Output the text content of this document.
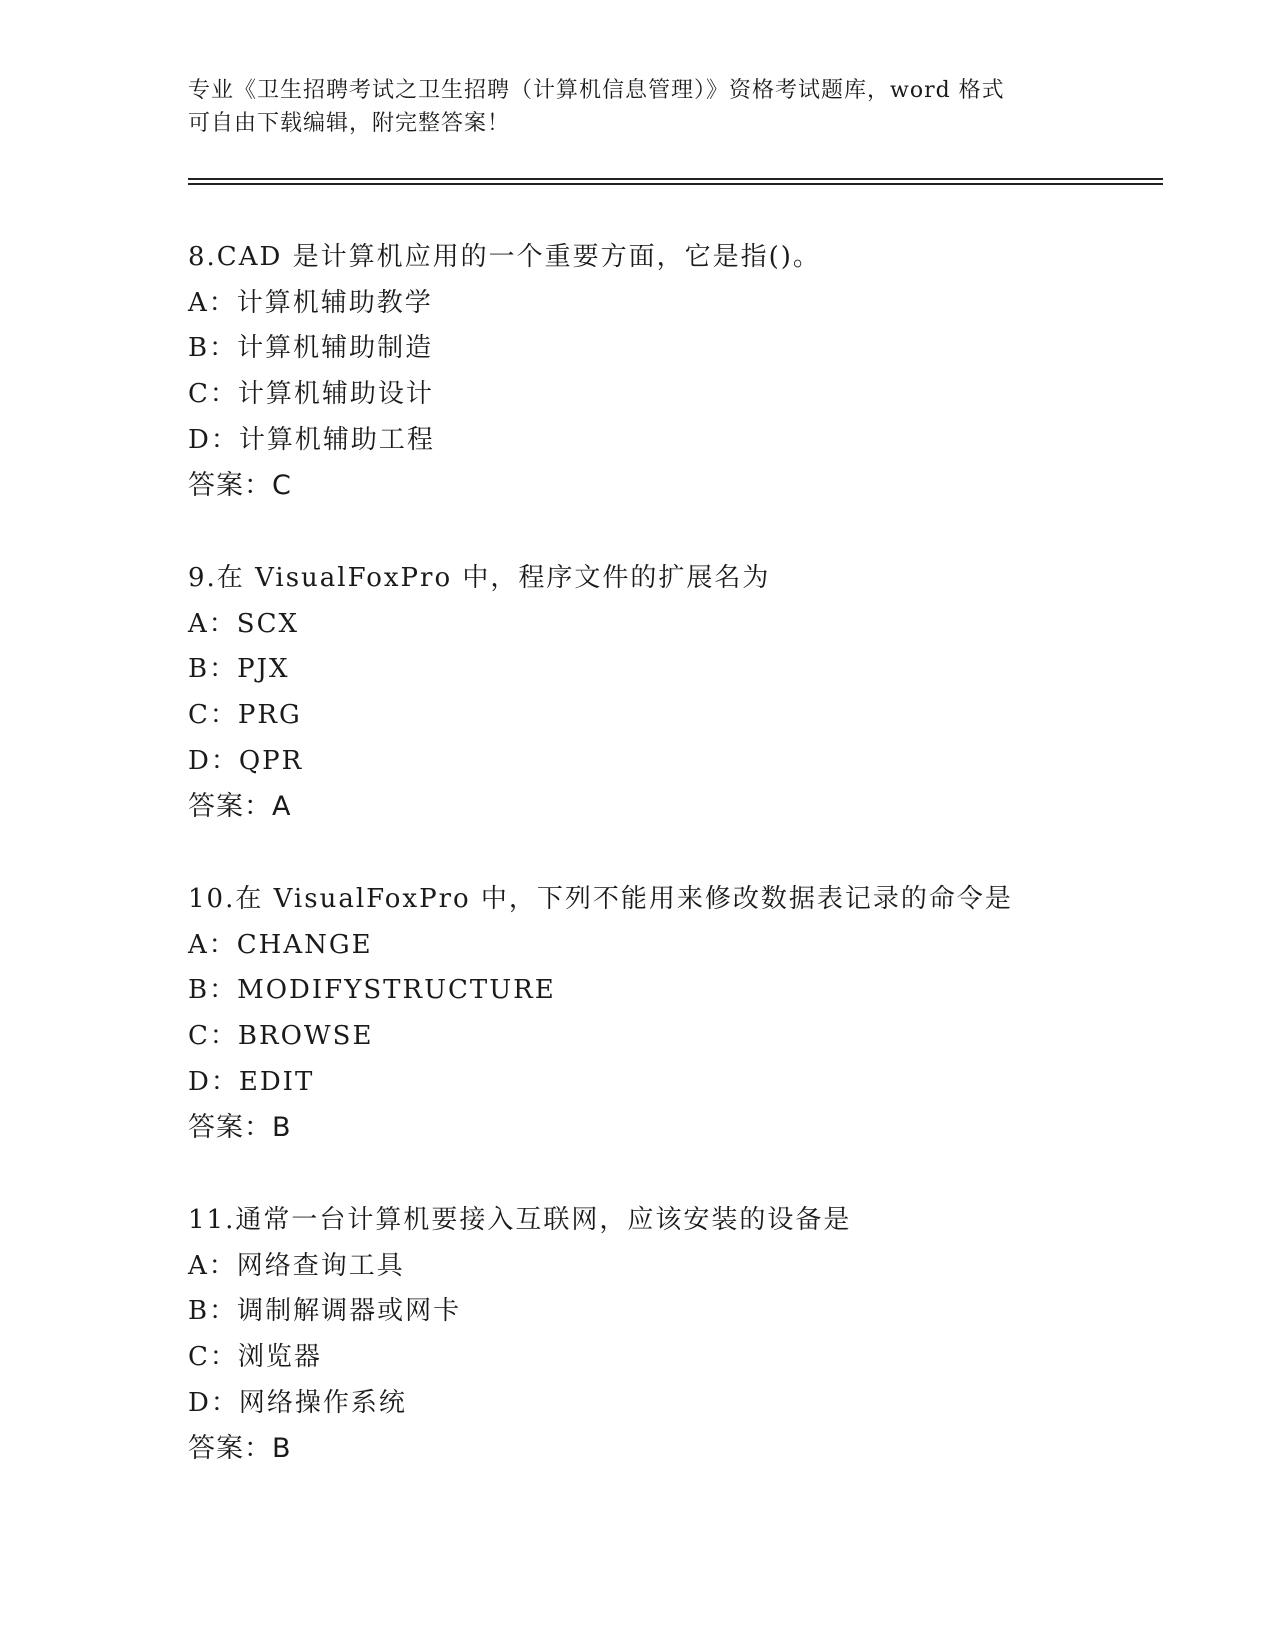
专业《卫生招聘考试之卫生招聘（计算机信息管理）》资格考试题库，word 格式
可自由下载编辑，附完整答案！
8.CAD 是计算机应用的一个重要方面，它是指()。
A：计算机辅助教学
B：计算机辅助制造
C：计算机辅助设计
D：计算机辅助工程
答案：C
9.在 VisualFoxPro 中，程序文件的扩展名为
A：SCX
B：PJX
C：PRG
D：QPR
答案：A
10.在 VisualFoxPro 中，下列不能用来修改数据表记录的命令是
A：CHANGE
B：MODIFYSTRUCTURE
C：BROWSE
D：EDIT
答案：B
11.通常一台计算机要接入互联网，应该安装的设备是
A：网络查询工具
B：调制解调器或网卡
C：浏览器
D：网络操作系统
答案：B
